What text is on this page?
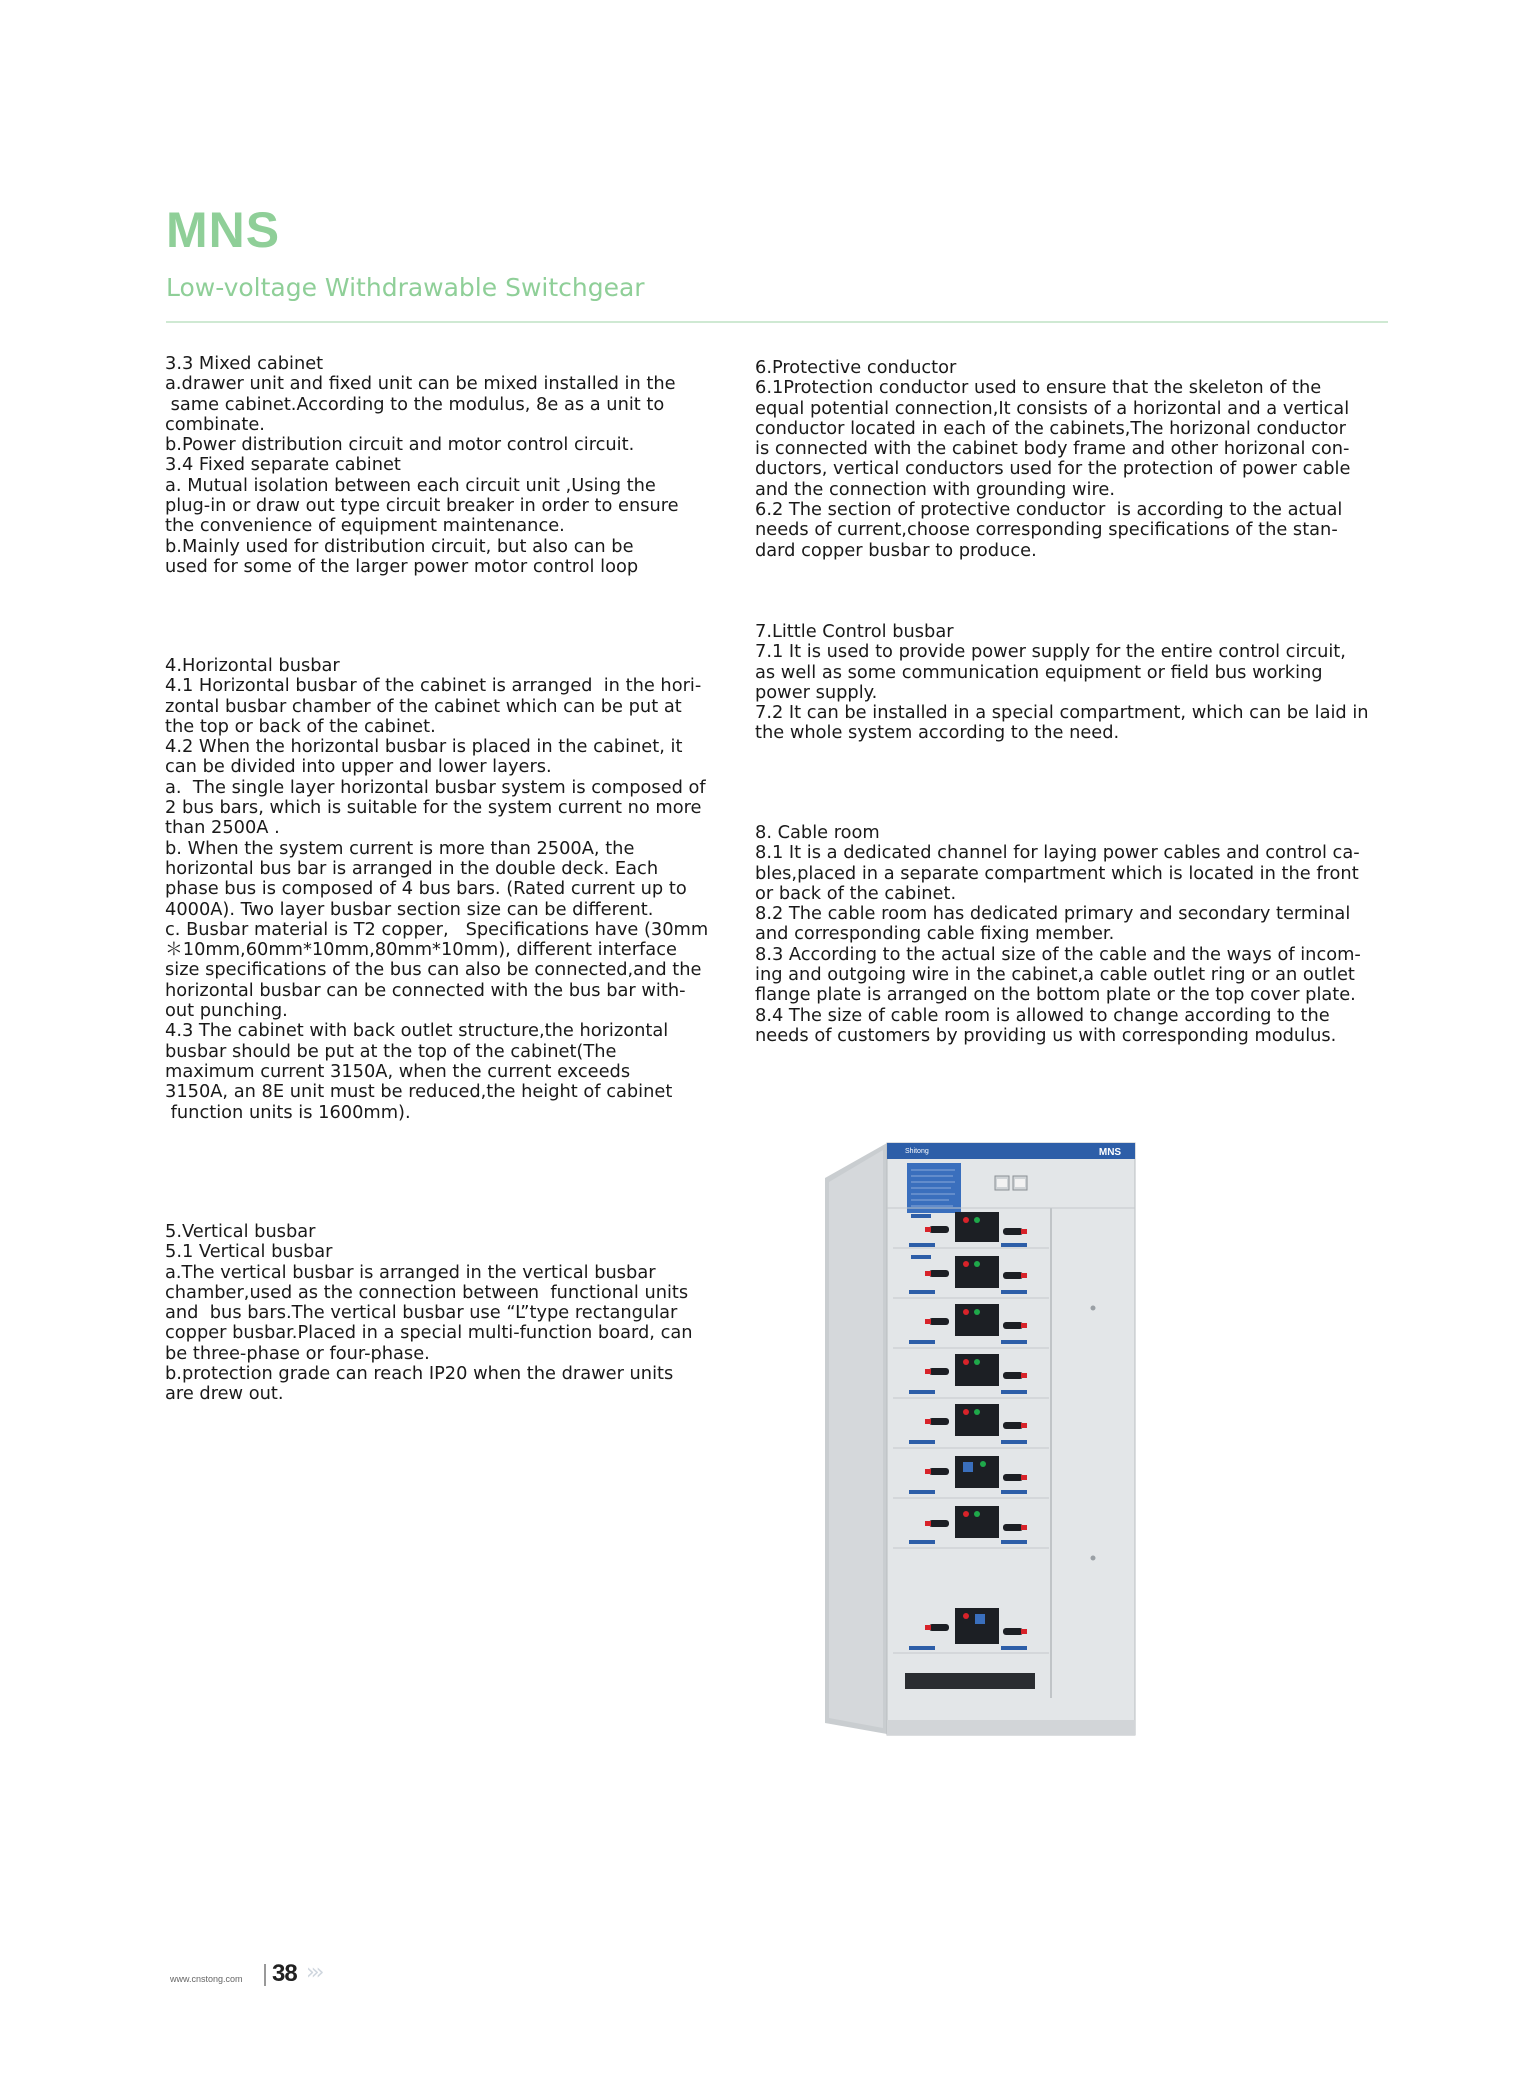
MNS
Low-voltage Withdrawable Switchgear

3.3 Mixed cabinet

a.drawer unit and fixed unit can be mixed installed in the

same cabinet.According to the modulus, 8e as a unit to

combinate.

b.Power distribution circuit and motor control circuit.

3.4 Fixed separate cabinet

a. Mutual isolation between each circuit unit ,Using the

plug-in or draw out type circuit breaker in order to ensure

the convenience of equipment maintenance.

b.Mainly used for distribution circuit, but also can be

used for some of the larger power motor control loop

4.Horizontal busbar

4.1 Horizontal busbar of the cabinet is arranged  in the hori-

zontal busbar chamber of the cabinet which can be put at

the top or back of the cabinet.

4.2 When the horizontal busbar is placed in the cabinet, it

can be divided into upper and lower layers.

a.  The single layer horizontal busbar system is composed of

2 bus bars, which is suitable for the system current no more

than 2500A .

b. When the system current is more than 2500A, the

horizontal bus bar is arranged in the double deck. Each

phase bus is composed of 4 bus bars. (Rated current up to

4000A). Two layer busbar section size can be different.

c. Busbar material is T2 copper,   Specifications have (30mm

＊10mm,60mm*10mm,80mm*10mm), different interface

size specifications of the bus can also be connected,and the

horizontal busbar can be connected with the bus bar with-

out punching.

4.3 The cabinet with back outlet structure,the horizontal

busbar should be put at the top of the cabinet(The

maximum current 3150A, when the current exceeds

3150A, an 8E unit must be reduced,the height of cabinet

function units is 1600mm).

5.Vertical busbar

5.1 Vertical busbar

a.The vertical busbar is arranged in the vertical busbar

chamber,used as the connection between  functional units

and  bus bars.The vertical busbar use “L”type rectangular

copper busbar.Placed in a special multi-function board, can

be three-phase or four-phase.

b.protection grade can reach IP20 when the drawer units

are drew out.

6.Protective conductor

6.1Protection conductor used to ensure that the skeleton of the

equal potential connection,It consists of a horizontal and a vertical

conductor located in each of the cabinets,The horizonal conductor

is connected with the cabinet body frame and other horizonal con-

ductors, vertical conductors used for the protection of power cable

and the connection with grounding wire.

6.2 The section of protective conductor  is according to the actual

needs of current,choose corresponding specifications of the stan-

dard copper busbar to produce.

7.Little Control busbar

7.1 It is used to provide power supply for the entire control circuit,

as well as some communication equipment or field bus working

power supply.

7.2 It can be installed in a special compartment, which can be laid in

the whole system according to the need.

8. Cable room

8.1 It is a dedicated channel for laying power cables and control ca-

bles,placed in a separate compartment which is located in the front

or back of the cabinet.

8.2 The cable room has dedicated primary and secondary terminal

and corresponding cable fixing member.

8.3 According to the actual size of the cable and the ways of incom-

ing and outgoing wire in the cabinet,a cable outlet ring or an outlet

flange plate is arranged on the bottom plate or the top cover plate.

8.4 The size of cable room is allowed to change according to the

needs of customers by providing us with corresponding modulus.

MNS
Shitong
www.cnstong.com 38 ›››
